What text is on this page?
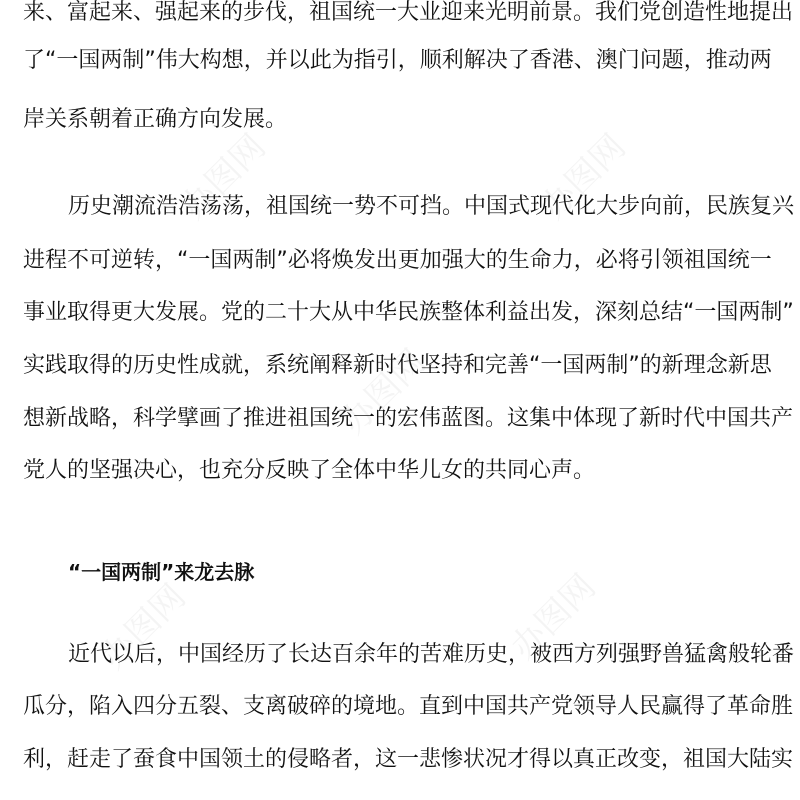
办图网	办图网
办图网
办图网	办图网
来、富起来、强起来的步伐，祖国统一大业迎来光明前景。我们党创造性地提出
了“一国两制”伟大构想，并以此为指引，顺利解决了香港、澳门问题，推动两
岸关系朝着正确方向发展。
历史潮流浩浩荡荡，祖国统一势不可挡。中国式现代化大步向前，民族复兴
进程不可逆转，“一国两制”必将焕发出更加强大的生命力，必将引领祖国统一
事业取得更大发展。党的二十大从中华民族整体利益出发，深刻总结“一国两制”
实践取得的历史性成就，系统阐释新时代坚持和完善“一国两制”的新理念新思
想新战略，科学擘画了推进祖国统一的宏伟蓝图。这集中体现了新时代中国共产
党人的坚强决心，也充分反映了全体中华儿女的共同心声。
“一国两制”来龙去脉
近代以后，中国经历了长达百余年的苦难历史，被西方列强野兽猛禽般轮番
瓜分，陷入四分五裂、支离破碎的境地。直到中国共产党领导人民赢得了革命胜
利，赶走了蚕食中国领土的侵略者，这一悲惨状况才得以真正改变，祖国大陆实
